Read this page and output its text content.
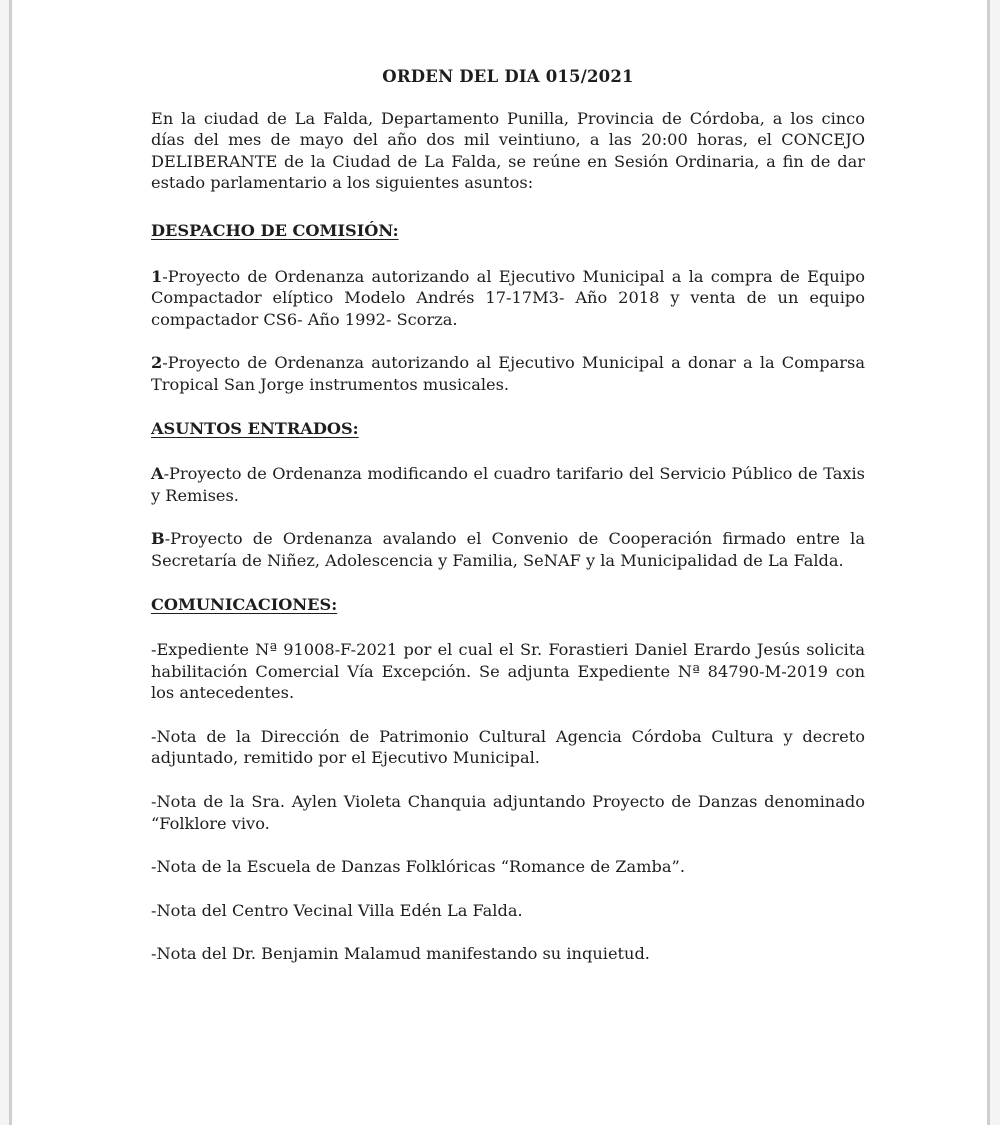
ORDEN DEL DIA 015/2021

En la ciudad de La Falda, Departamento Punilla, Provincia de Córdoba, a los cinco días del mes de mayo del año dos mil veintiuno, a las 20:00 horas, el CONCEJO DELIBERANTE de la Ciudad de La Falda, se reúne en Sesión Ordinaria, a fin de dar estado parlamentario a los siguientes asuntos:

DESPACHO DE COMISIÓN:

1-Proyecto de Ordenanza autorizando al Ejecutivo Municipal a la compra de Equipo Compactador elíptico Modelo Andrés 17-17M3- Año 2018 y venta de un equipo compactador CS6- Año 1992- Scorza.

2-Proyecto de Ordenanza autorizando al Ejecutivo Municipal a donar a la Comparsa Tropical San Jorge instrumentos musicales.

ASUNTOS ENTRADOS:

A-Proyecto de Ordenanza modificando el cuadro tarifario del Servicio Público de Taxis y Remises.

B-Proyecto de Ordenanza avalando el Convenio de Cooperación firmado entre la Secretaría de Niñez, Adolescencia y Familia, SeNAF y la Municipalidad de La Falda.

COMUNICACIONES:

-Expediente Nª 91008-F-2021 por el cual el Sr. Forastieri Daniel Erardo Jesús solicita habilitación Comercial Vía Excepción. Se adjunta Expediente Nª 84790-M-2019 con los antecedentes.

-Nota de la Dirección de Patrimonio Cultural Agencia Córdoba Cultura y decreto adjuntado, remitido por el Ejecutivo Municipal.

-Nota de la Sra. Aylen Violeta Chanquia adjuntando Proyecto de Danzas denominado “Folklore vivo.

-Nota de la Escuela de Danzas Folklóricas “Romance de Zamba”.

-Nota del Centro Vecinal Villa Edén La Falda.

-Nota del Dr. Benjamin Malamud manifestando su inquietud.
